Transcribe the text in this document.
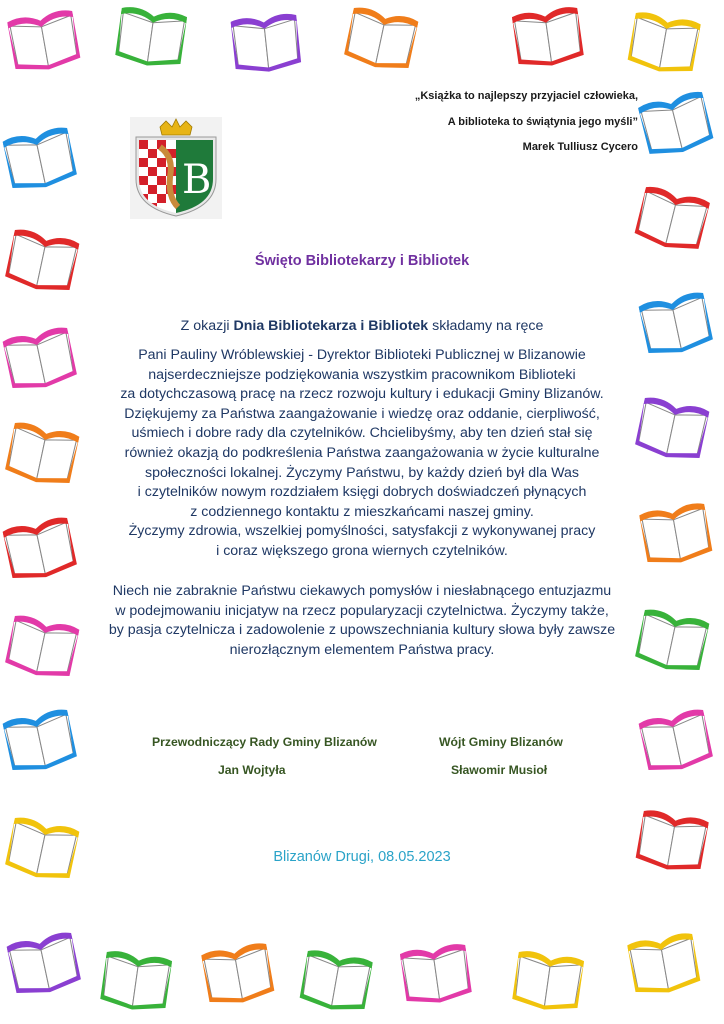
„Książka to najlepszy przyjaciel człowieka,
A biblioteka to świątynia jego myśli”
Marek Tulliusz Cycero
B
Święto Bibliotekarzy i Bibliotek
Z okazji Dnia Bibliotekarza i Bibliotek składamy na ręce
Pani Pauliny Wróblewskiej - Dyrektor Biblioteki Publicznej w Blizanowie
najserdeczniejsze podziękowania wszystkim pracownikom Biblioteki
za dotychczasową pracę na rzecz rozwoju kultury i edukacji Gminy Blizanów.
Dziękujemy za Państwa zaangażowanie i wiedzę oraz oddanie, cierpliwość,
uśmiech i dobre rady dla czytelników. Chcielibyśmy, aby ten dzień stał się
również okazją do podkreślenia Państwa zaangażowania w życie kulturalne
społeczności lokalnej. Życzymy Państwu, by każdy dzień był dla Was
i czytelników nowym rozdziałem księgi dobrych doświadczeń płynących
z codziennego kontaktu z mieszkańcami naszej gminy.
Życzymy zdrowia, wszelkiej pomyślności, satysfakcji z wykonywanej pracy
i coraz większego grona wiernych czytelników.
Niech nie zabraknie Państwu ciekawych pomysłów i niesłabnącego entuzjazmu
w podejmowaniu inicjatyw na rzecz popularyzacji czytelnictwa. Życzymy także,
by pasja czytelnicza i zadowolenie z upowszechniania kultury słowa były zawsze
nierozłącznym elementem Państwa pracy.
Przewodniczący Rady Gminy Blizanów
Jan Wojtyła
Wójt Gminy Blizanów
Sławomir Musioł
Blizanów Drugi, 08.05.2023
